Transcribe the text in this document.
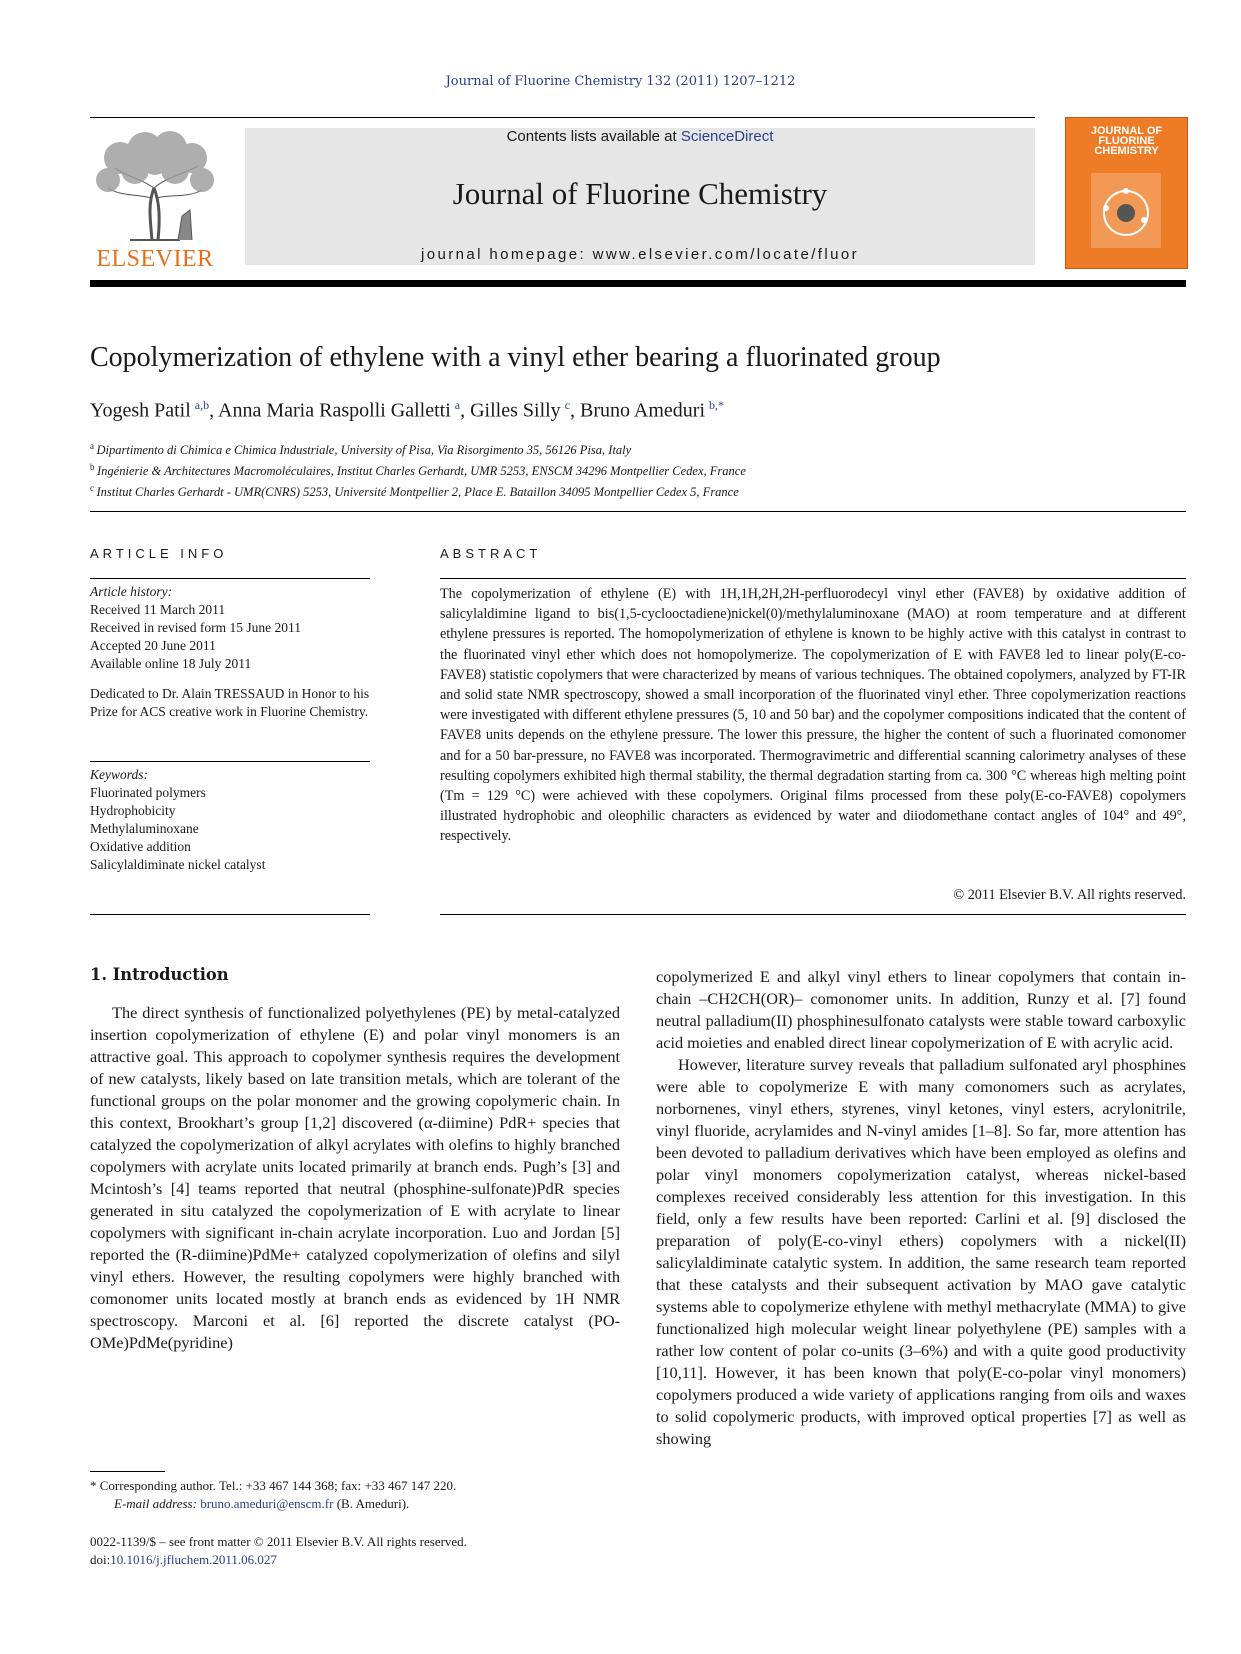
Journal of Fluorine Chemistry 132 (2011) 1207–1212
ELSEVIER
Contents lists available at ScienceDirect
Journal of Fluorine Chemistry
journal homepage: www.elsevier.com/locate/fluor
JOURNAL OF FLUORINE CHEMISTRY
Copolymerization of ethylene with a vinyl ether bearing a fluorinated group
Yogesh Patil  $^{a,b}$, Anna Maria Raspolli Galletti  $^a$, Gilles Silly  $^c$, Bruno Ameduri  $^{b,*}$
$^a$  Dipartimento di Chimica e Chimica Industriale, University of Pisa, Via Risorgimento 35, 56126 Pisa, Italy
$^b$  Ingénierie & Architectures Macromoléculaires, Institut Charles Gerhardt, UMR 5253, ENSCM 34296 Montpellier Cedex, France
$^c$  Institut Charles Gerhardt - UMR(CNRS) 5253, Université Montpellier 2, Place E. Bataillon 34095 Montpellier Cedex 5, France
ARTICLE INFO
Article history:
Received 11 March 2011
Received in revised form 15 June 2011
Accepted 20 June 2011
Available online 18 July 2011
Dedicated to Dr. Alain TRESSAUD in Honor to his Prize for ACS creative work in Fluorine Chemistry.
Keywords:
Fluorinated polymers
Hydrophobicity
Methylaluminoxane
Oxidative addition
Salicylaldiminate nickel catalyst
ABSTRACT
The copolymerization of ethylene (E) with 1H,1H,2H,2H-perfluorodecyl vinyl ether (FAVE8) by oxidative addition of salicylaldimine ligand to bis(1,5-cyclooctadiene)nickel(0)/methylaluminoxane (MAO) at room temperature and at different ethylene pressures is reported. The homopolymerization of ethylene is known to be highly active with this catalyst in contrast to the fluorinated vinyl ether which does not homopolymerize. The copolymerization of E with FAVE8 led to linear poly(E-co-FAVE8) statistic copolymers that were characterized by means of various techniques. The obtained copolymers, analyzed by FT-IR and solid state NMR spectroscopy, showed a small incorporation of the fluorinated vinyl ether. Three copolymerization reactions were investigated with different ethylene pressures (5, 10 and 50 bar) and the copolymer compositions indicated that the content of FAVE8 units depends on the ethylene pressure. The lower this pressure, the higher the content of such a fluorinated comonomer and for a 50 bar-pressure, no FAVE8 was incorporated. Thermogravimetric and differential scanning calorimetry analyses of these resulting copolymers exhibited high thermal stability, the thermal degradation starting from ca. 300 °C whereas high melting point (Tm = 129 °C) were achieved with these copolymers. Original films processed from these poly(E-co-FAVE8) copolymers illustrated hydrophobic and oleophilic characters as evidenced by water and diiodomethane contact angles of 104° and 49°, respectively.
© 2011 Elsevier B.V. All rights reserved.
1. Introduction

The direct synthesis of functionalized polyethylenes (PE) by metal-catalyzed insertion copolymerization of ethylene (E) and polar vinyl monomers is an attractive goal. This approach to copolymer synthesis requires the development of new catalysts, likely based on late transition metals, which are tolerant of the functional groups on the polar monomer and the growing copolymeric chain. In this context, Brookhart’s group [1,2] discovered (α-diimine) PdR+ species that catalyzed the copolymerization of alkyl acrylates with olefins to highly branched copolymers with acrylate units located primarily at branch ends. Pugh’s [3] and Mcintosh’s [4] teams reported that neutral (phosphine-sulfonate)PdR species generated in situ catalyzed the copolymerization of E with acrylate to linear copolymers with significant in-chain acrylate incorporation. Luo and Jordan [5] reported the (R-diimine)PdMe+ catalyzed copolymerization of olefins and silyl vinyl ethers. However, the resulting copolymers were highly branched with comonomer units located mostly at branch ends as evidenced by 1H NMR spectroscopy. Marconi et al. [6] reported the discrete catalyst (PO-OMe)PdMe(pyridine)

copolymerized E and alkyl vinyl ethers to linear copolymers that contain in-chain –CH2CH(OR)– comonomer units. In addition, Runzy et al. [7] found neutral palladium(II) phosphinesulfonato catalysts were stable toward carboxylic acid moieties and enabled direct linear copolymerization of E with acrylic acid.

However, literature survey reveals that palladium sulfonated aryl phosphines were able to copolymerize E with many comonomers such as acrylates, norbornenes, vinyl ethers, styrenes, vinyl ketones, vinyl esters, acrylonitrile, vinyl fluoride, acrylamides and N-vinyl amides [1–8]. So far, more attention has been devoted to palladium derivatives which have been employed as olefins and polar vinyl monomers copolymerization catalyst, whereas nickel-based complexes received considerably less attention for this investigation. In this field, only a few results have been reported: Carlini et al. [9] disclosed the preparation of poly(E-co-vinyl ethers) copolymers with a nickel(II) salicylaldiminate catalytic system. In addition, the same research team reported that these catalysts and their subsequent activation by MAO gave catalytic systems able to copolymerize ethylene with methyl methacrylate (MMA) to give functionalized high molecular weight linear polyethylene (PE) samples with a rather low content of polar co-units (3–6%) and with a quite good productivity [10,11]. However, it has been known that poly(E-co-polar vinyl monomers) copolymers produced a wide variety of applications ranging from oils and waxes to solid copolymeric products, with improved optical properties [7] as well as showing

* Corresponding author. Tel.: +33 467 144 368; fax: +33 467 147 220.
E-mail address: bruno.ameduri@enscm.fr (B. Ameduri).
0022-1139/$ – see front matter © 2011 Elsevier B.V. All rights reserved.
doi:10.1016/j.jfluchem.2011.06.027
